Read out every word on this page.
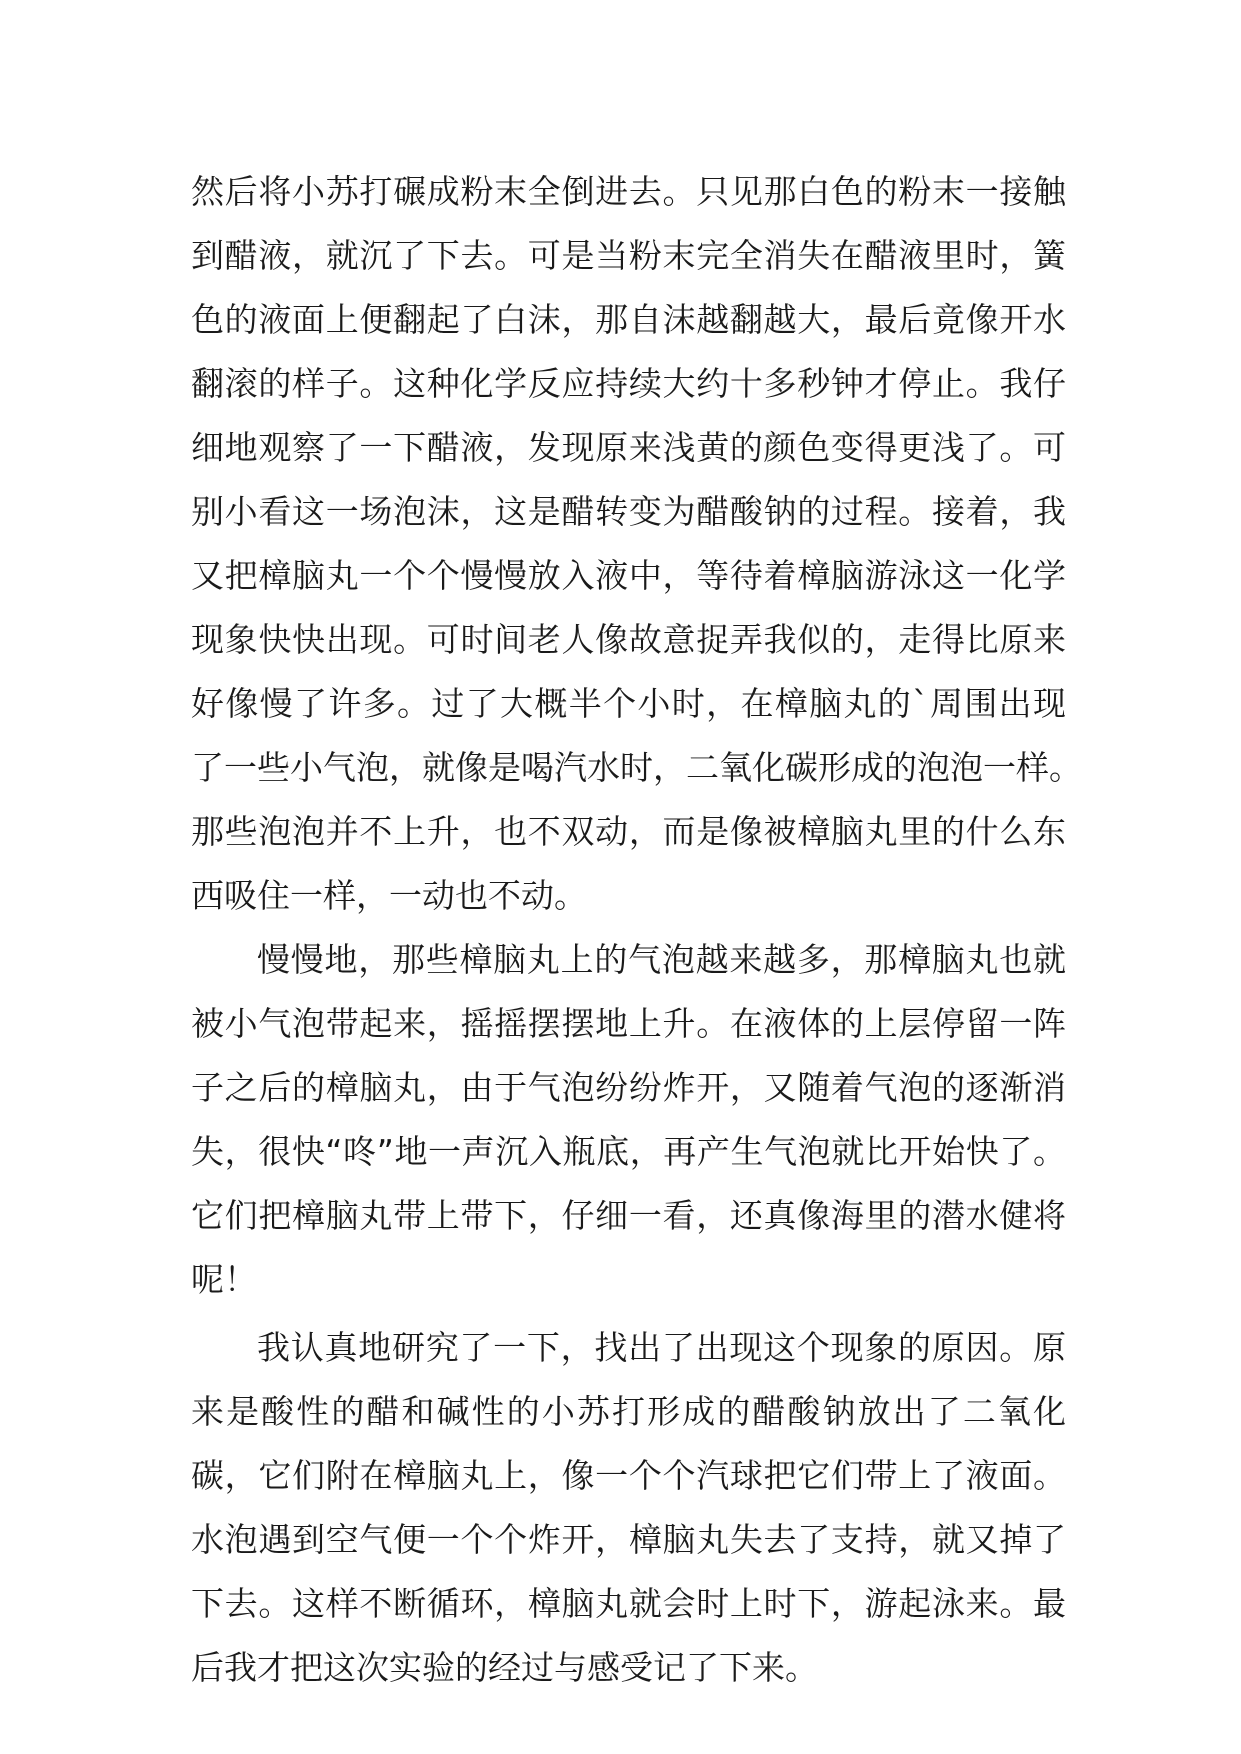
然后将小苏打碾成粉末全倒进去。只见那白色的粉末一接触
到醋液，就沉了下去。可是当粉末完全消失在醋液里时，簧
色的液面上便翻起了白沫，那自沫越翻越大，最后竟像开水
翻滚的样子。这种化学反应持续大约十多秒钟才停止。我仔
细地观察了一下醋液，发现原来浅黄的颜色变得更浅了。可
别小看这一场泡沫，这是醋转变为醋酸钠的过程。接着，我
又把樟脑丸一个个慢慢放入液中，等待着樟脑游泳这一化学
现象快快出现。可时间老人像故意捉弄我似的，走得比原来
好像慢了许多。过了大概半个小时，在樟脑丸的`周围出现
了一些小气泡，就像是喝汽水时，二氧化碳形成的泡泡一样。
那些泡泡并不上升，也不双动，而是像被樟脑丸里的什么东
西吸住一样，一动也不动。
慢慢地，那些樟脑丸上的气泡越来越多，那樟脑丸也就
被小气泡带起来，摇摇摆摆地上升。在液体的上层停留一阵
子之后的樟脑丸，由于气泡纷纷炸开，又随着气泡的逐渐消
失，很快“咚”地一声沉入瓶底，再产生气泡就比开始快了。
它们把樟脑丸带上带下，仔细一看，还真像海里的潜水健将
呢！
我认真地研究了一下，找出了出现这个现象的原因。原
来是酸性的醋和碱性的小苏打形成的醋酸钠放出了二氧化
碳，它们附在樟脑丸上，像一个个汽球把它们带上了液面。
水泡遇到空气便一个个炸开，樟脑丸失去了支持，就又掉了
下去。这样不断循环，樟脑丸就会时上时下，游起泳来。最
后我才把这次实验的经过与感受记了下来。
